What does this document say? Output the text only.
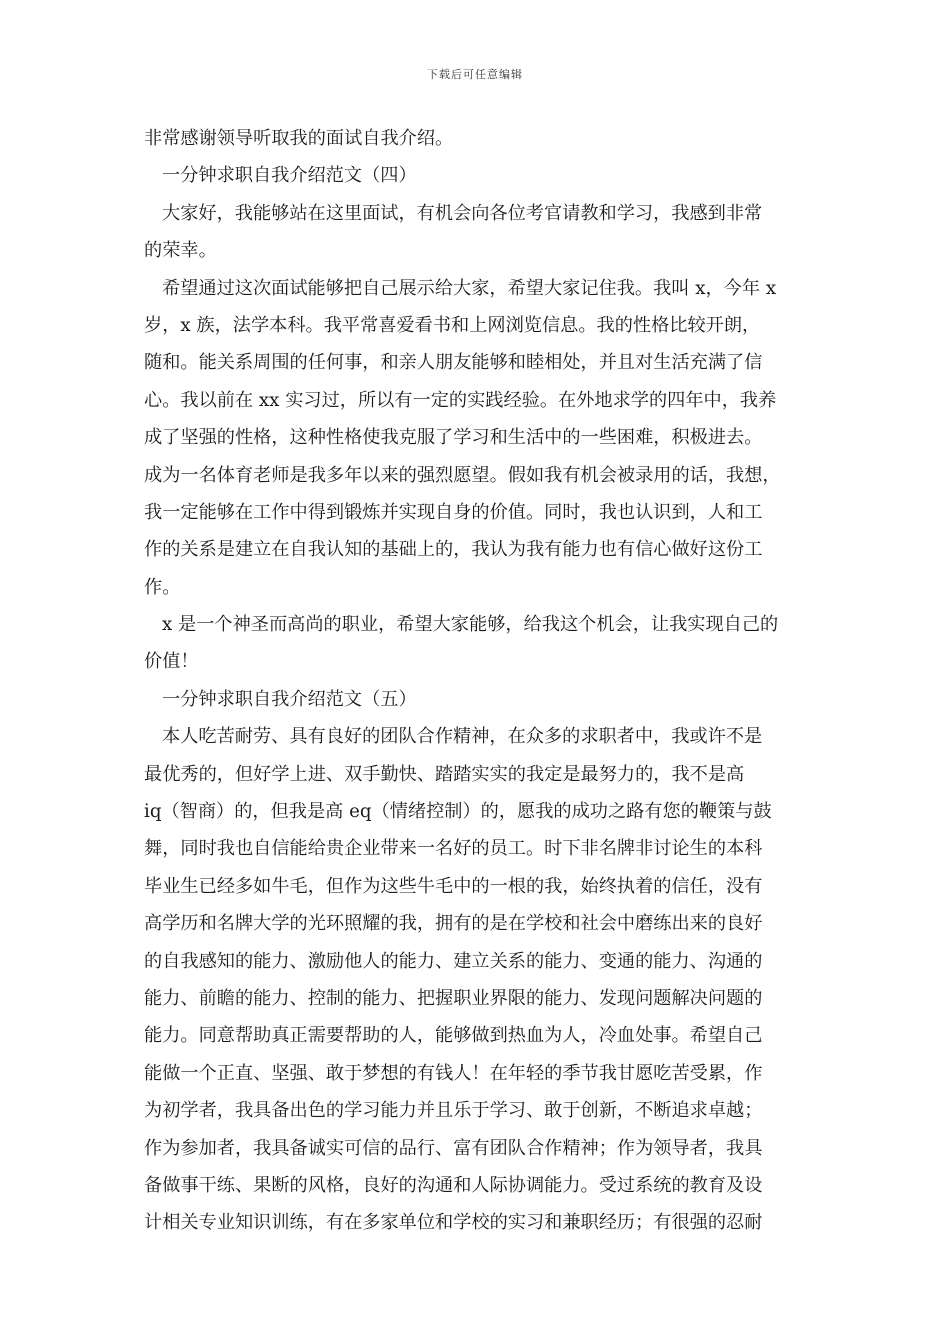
下载后可任意编辑
非常感谢领导听取我的面试自我介绍。
一分钟求职自我介绍范文（四）
大家好，我能够站在这里面试，有机会向各位考官请教和学习，我感到非常
的荣幸。
希望通过这次面试能够把自己展示给大家，希望大家记住我。我叫 x，今年 x
岁，x 族，法学本科。我平常喜爱看书和上网浏览信息。我的性格比较开朗，
随和。能关系周围的任何事，和亲人朋友能够和睦相处，并且对生活充满了信
心。我以前在 xx 实习过，所以有一定的实践经验。在外地求学的四年中，我养
成了坚强的性格，这种性格使我克服了学习和生活中的一些困难，积极进去。
成为一名体育老师是我多年以来的强烈愿望。假如我有机会被录用的话，我想，
我一定能够在工作中得到锻炼并实现自身的价值。同时，我也认识到，人和工
作的关系是建立在自我认知的基础上的，我认为我有能力也有信心做好这份工
作。
x 是一个神圣而高尚的职业，希望大家能够，给我这个机会，让我实现自己的
价值！
一分钟求职自我介绍范文（五）
本人吃苦耐劳、具有良好的团队合作精神，在众多的求职者中，我或许不是
最优秀的，但好学上进、双手勤快、踏踏实实的我定是最努力的，我不是高
iq（智商）的，但我是高 eq（情绪控制）的，愿我的成功之路有您的鞭策与鼓
舞，同时我也自信能给贵企业带来一名好的员工。时下非名牌非讨论生的本科
毕业生已经多如牛毛，但作为这些牛毛中的一根的我，始终执着的信任，没有
高学历和名牌大学的光环照耀的我，拥有的是在学校和社会中磨练出来的良好
的自我感知的能力、激励他人的能力、建立关系的能力、变通的能力、沟通的
能力、前瞻的能力、控制的能力、把握职业界限的能力、发现问题解决问题的
能力。同意帮助真正需要帮助的人，能够做到热血为人，冷血处事。希望自己
能做一个正直、坚强、敢于梦想的有钱人！在年轻的季节我甘愿吃苦受累，作
为初学者，我具备出色的学习能力并且乐于学习、敢于创新，不断追求卓越；
作为参加者，我具备诚实可信的品行、富有团队合作精神；作为领导者，我具
备做事干练、果断的风格，良好的沟通和人际协调能力。受过系统的教育及设
计相关专业知识训练，有在多家单位和学校的实习和兼职经历；有很强的忍耐
